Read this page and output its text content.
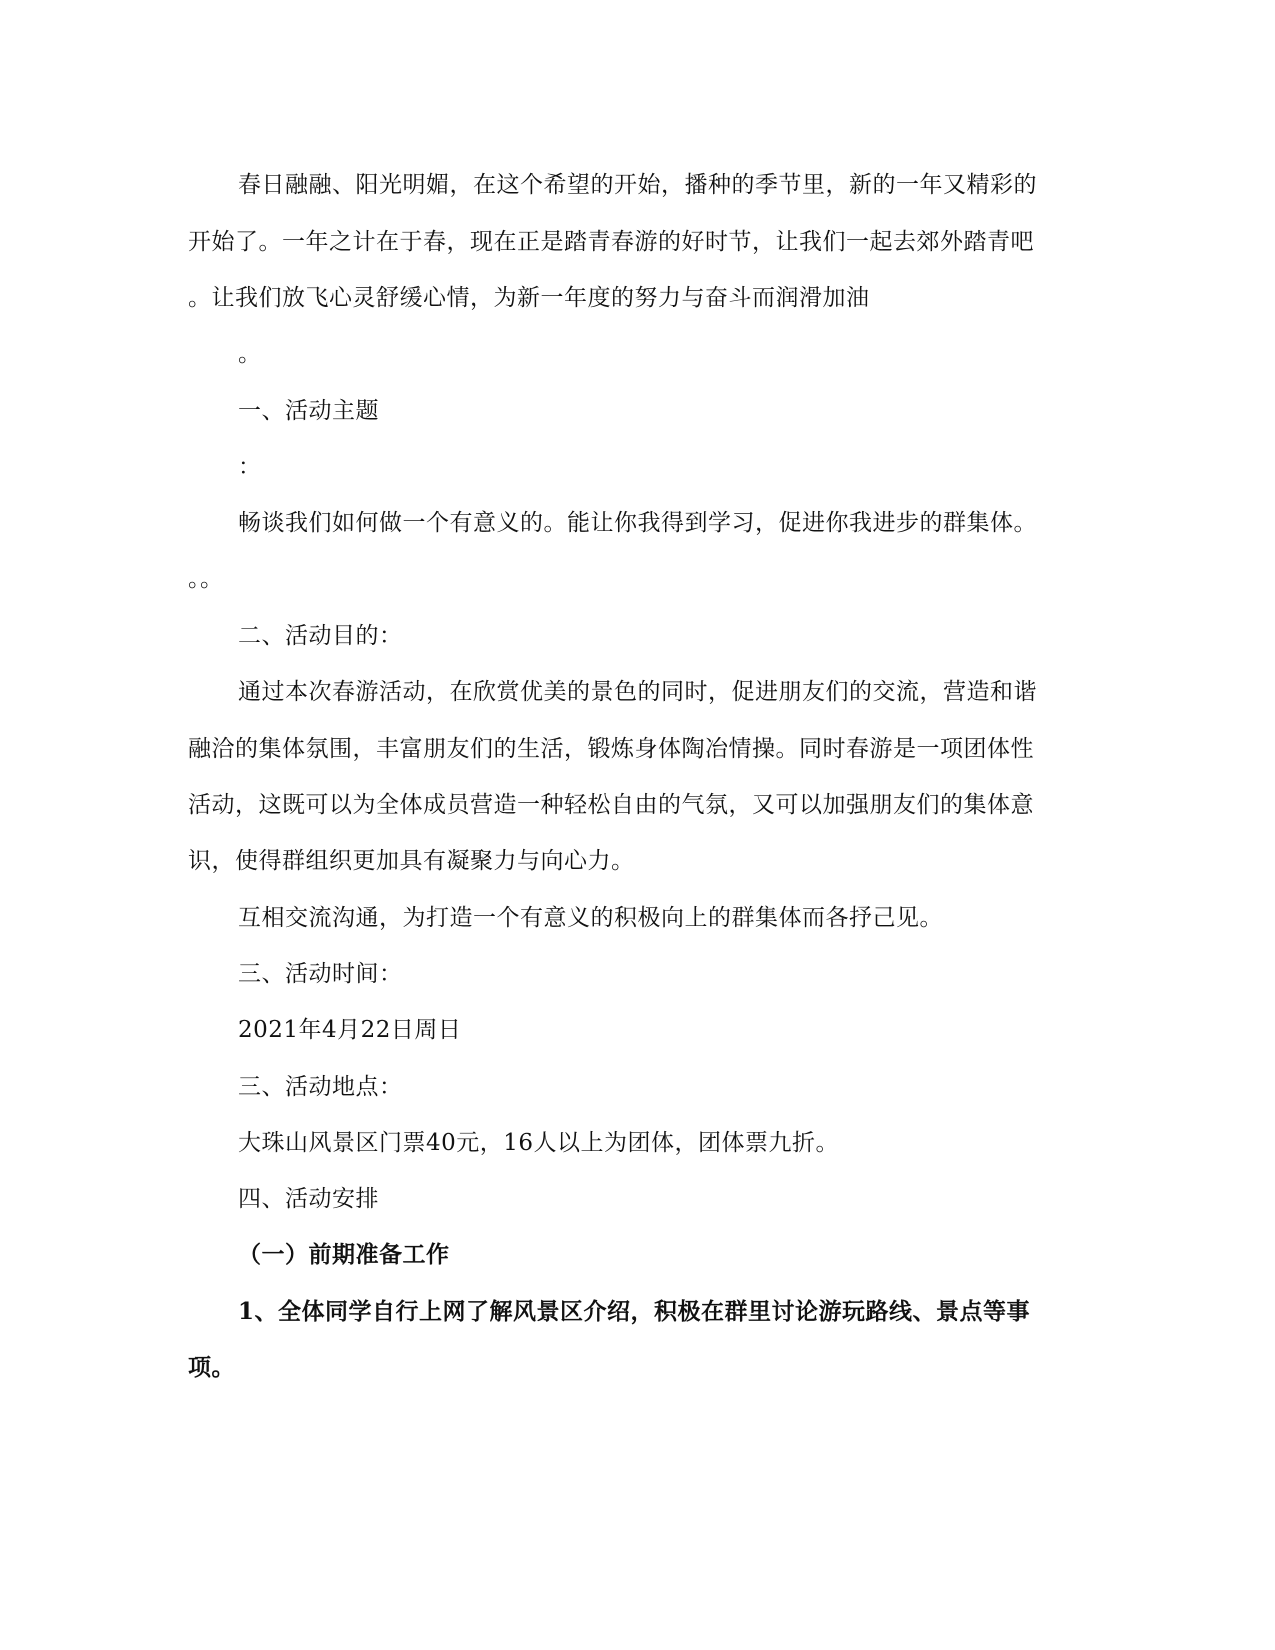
春日融融、阳光明媚，在这个希望的开始，播种的季节里，新的一年又精彩的
开始了。一年之计在于春，现在正是踏青春游的好时节，让我们一起去郊外踏青吧
。让我们放飞心灵舒缓心情，为新一年度的努力与奋斗而润滑加油
。
一、活动主题
：
畅谈我们如何做一个有意义的。能让你我得到学习，促进你我进步的群集体。
。。
二、活动目的：
通过本次春游活动，在欣赏优美的景色的同时，促进朋友们的交流，营造和谐
融洽的集体氛围，丰富朋友们的生活，锻炼身体陶冶情操。同时春游是一项团体性
活动，这既可以为全体成员营造一种轻松自由的气氛，又可以加强朋友们的集体意
识，使得群组织更加具有凝聚力与向心力。
互相交流沟通，为打造一个有意义的积极向上的群集体而各抒己见。
三、活动时间：
2021年4月22日周日
三、活动地点：
大珠山风景区门票40元，16人以上为团体，团体票九折。
四、活动安排
（一）前期准备工作
1、全体同学自行上网了解风景区介绍，积极在群里讨论游玩路线、景点等事
项。
